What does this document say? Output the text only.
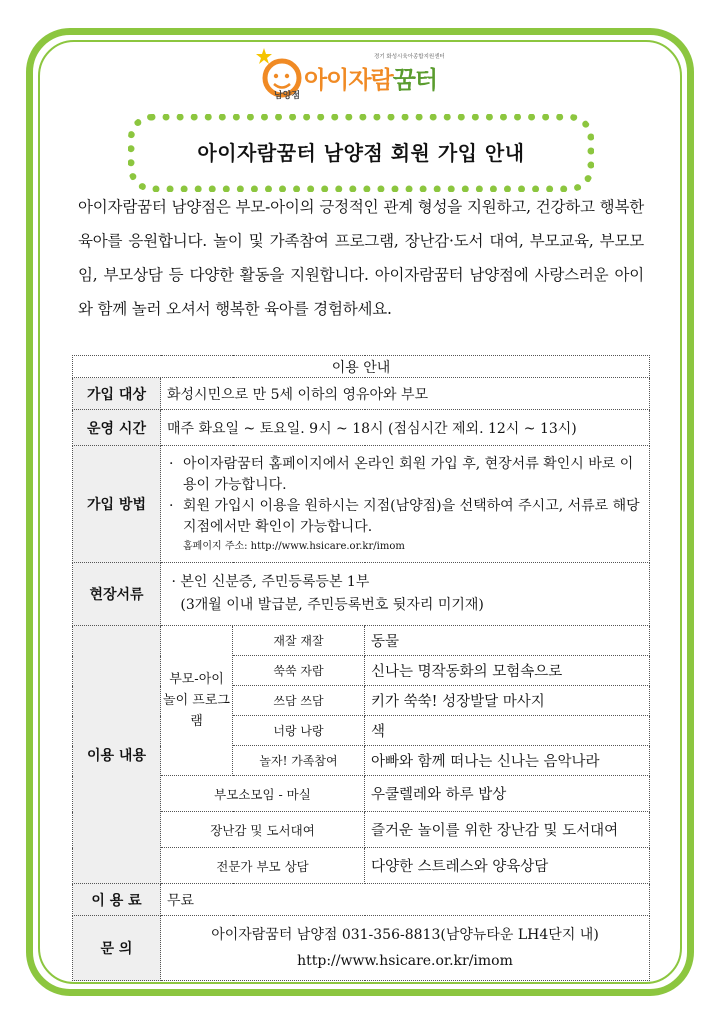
아이자람꿈터
남양점
경기 화성시육아종합지원센터
아이자람꿈터 남양점 회원 가입 안내

아이자람꿈터 남양점은 부모-아이의 긍정적인 관계 형성을 지원하고, 건강하고 행복한 육아를 응원합니다. 놀이 및 가족참여 프로그램, 장난감·도서 대여, 부모교육, 부모모임, 부모상담 등 다양한 활동을 지원합니다. 아이자람꿈터 남양점에 사랑스러운 아이와 함께 놀러 오셔서 행복한 육아를 경험하세요.

이용 안내			
가입 대상	화성시민으로 만 5세 이하의 영유아와 부모		
운영 시간	매주 화요일 ~ 토요일. 9시 ~ 18시 (점심시간 제외. 12시 ~ 13시)		
가입 방법	· 아이자람꿈터 홈페이지에서 온라인 회원 가입 후, 현장서류 확인시 바로 이용이 가능합니다.
· 회원 가입시 이용을 원하시는 지점(남양점)을 선택하여 주시고, 서류로 해당지점에서만 확인이 가능합니다.
홈페이지 주소: http://www.hsicare.or.kr/imom		

현장서류	· 본인 신분증, 주민등록등본 1부
(3개월 이내 발급분, 주민등록번호 뒷자리 미기재)		

이용 내용	부모-아이 놀이 프로그램	재잘 재잘	동물
		쑥쑥 자람	신나는 명작동화의 모험속으로
		쓰담 쓰담	키가 쑥쑥! 성장발달 마사지
		너랑 나랑	색
		놀자! 가족참여	아빠와 함께 떠나는 신나는 음악나라
	부모소모임 - 마실		우쿨렐레와 하루 밥상
	장난감 및 도서대여		즐거운 놀이를 위한 장난감 및 도서대여
	전문가 부모 상담		다양한 스트레스와 양육상담
이 용 료	무료		
문 의	아이자람꿈터 남양점 031-356-8813(남양뉴타운 LH4단지 내)
http://www.hsicare.or.kr/imom		
